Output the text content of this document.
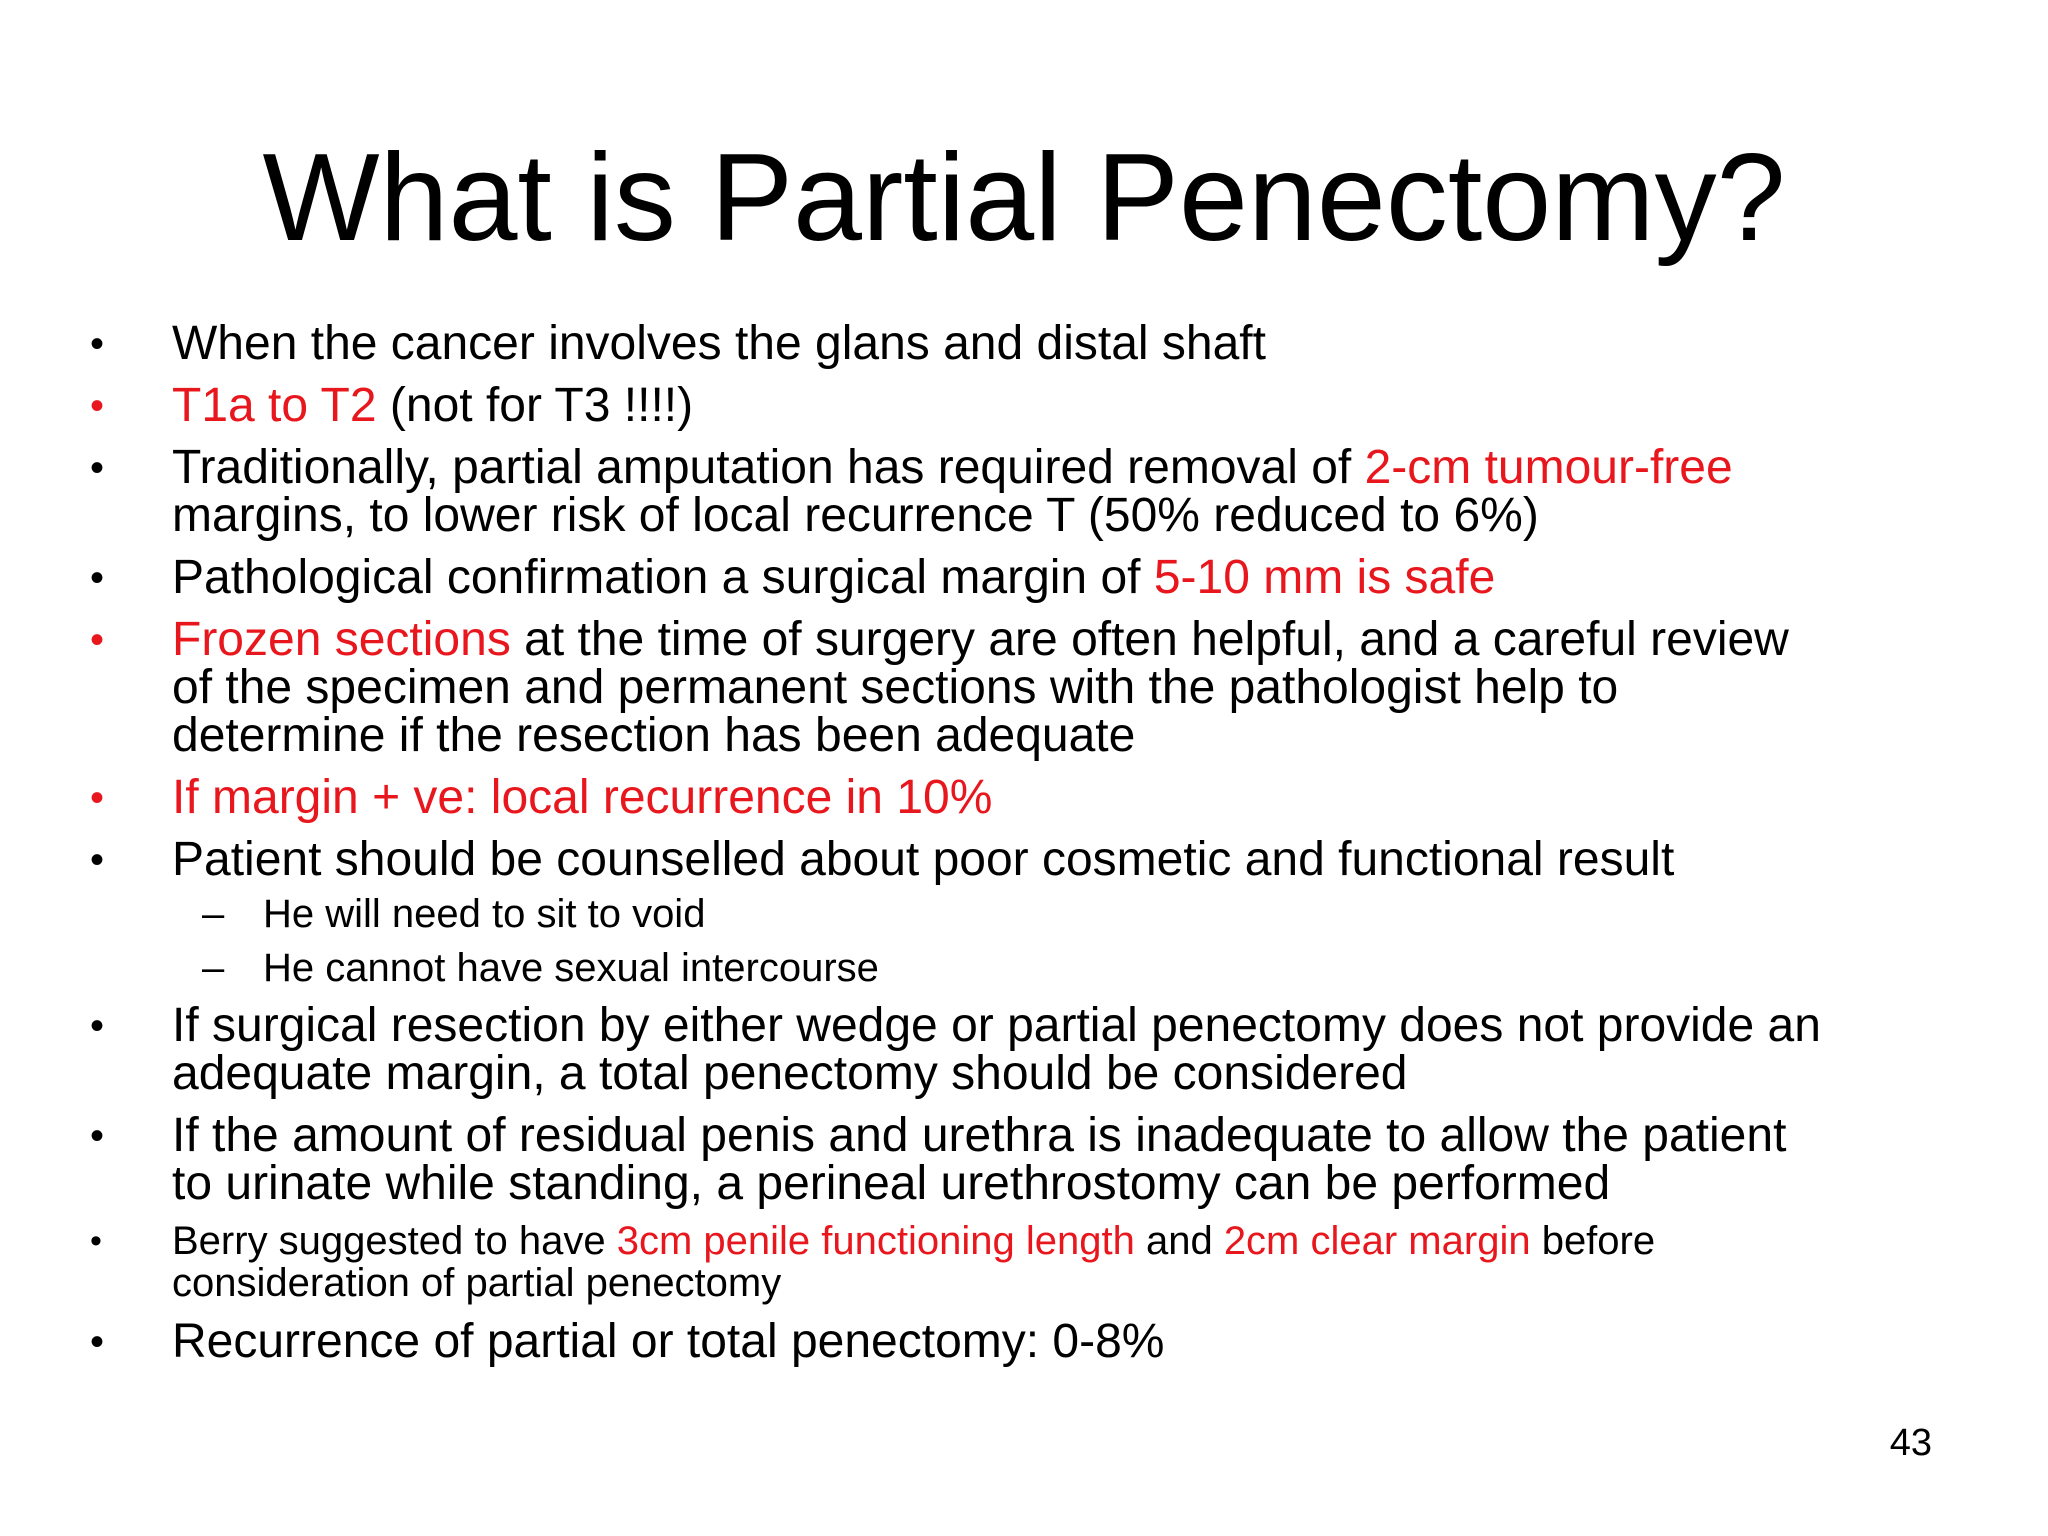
What is Partial Penectomy?
•	When the cancer involves the glans and distal shaft
•	T1a to T2 (not for T3 !!!!)
•	Traditionally, partial amputation has required removal of 2-cm tumour-free
margins, to lower risk of local recurrence T (50% reduced to 6%)
•	Pathological confirmation a surgical margin of 5-10 mm is safe
•	Frozen sections at the time of surgery are often helpful, and a careful review
of the specimen and permanent sections with the pathologist help to
determine if the resection has been adequate
•	If margin + ve: local recurrence in 10%
•	Patient should be counselled about poor cosmetic and functional result
– He will need to sit to void
– He cannot have sexual intercourse
•	If surgical resection by either wedge or partial penectomy does not provide an
adequate margin, a total penectomy should be considered
•	If the amount of residual penis and urethra is inadequate to allow the patient
to urinate while standing, a perineal urethrostomy can be performed
•	Berry suggested to have 3cm penile functioning length and 2cm clear margin before
consideration of partial penectomy
•	Recurrence of partial or total penectomy: 0-8%
43
